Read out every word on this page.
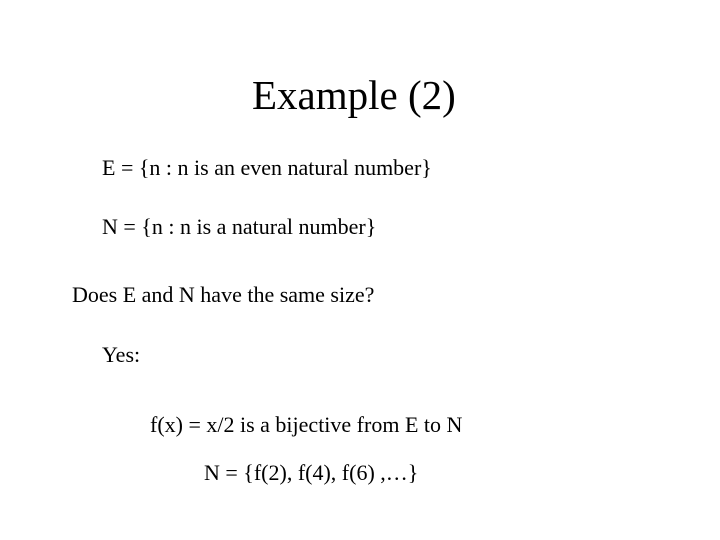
Example (2)
E = {n : n is an even natural number}
N = {n : n is a natural number}
Does E and N have the same size?
Yes:
f(x) = x/2 is a bijective from E to N
N = {f(2), f(4), f(6) ,…}
